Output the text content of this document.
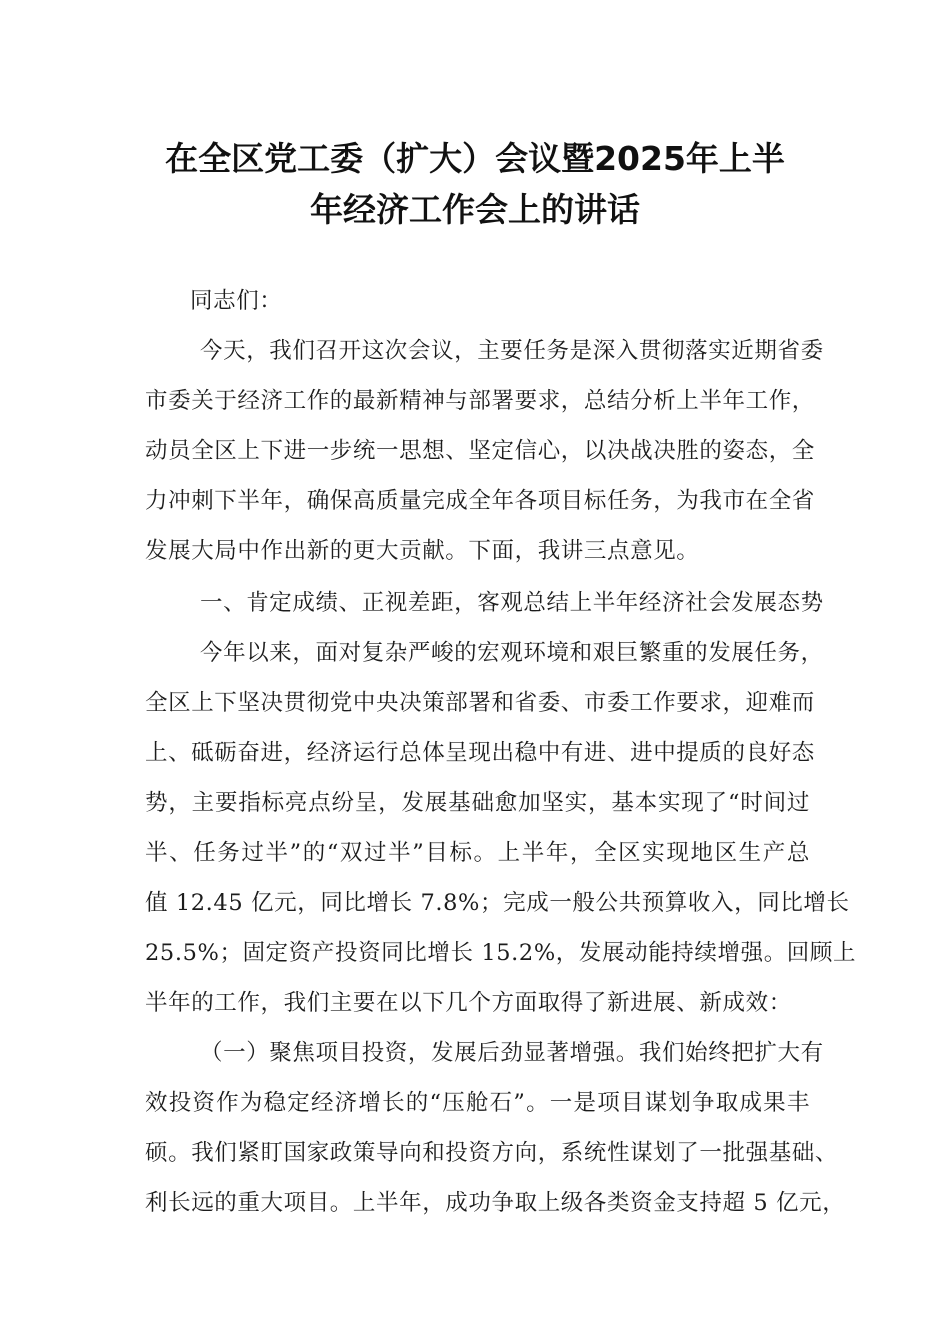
在全区党工委（扩大）会议暨2025年上半
年经济工作会上的讲话
同志们：
今天，我们召开这次会议，主要任务是深入贯彻落实近期省委
市委关于经济工作的最新精神与部署要求，总结分析上半年工作，
动员全区上下进一步统一思想、坚定信心，以决战决胜的姿态，全
力冲刺下半年，确保高质量完成全年各项目标任务，为我市在全省
发展大局中作出新的更大贡献。下面，我讲三点意见。
一、肯定成绩、正视差距，客观总结上半年经济社会发展态势
今年以来，面对复杂严峻的宏观环境和艰巨繁重的发展任务，
全区上下坚决贯彻党中央决策部署和省委、市委工作要求，迎难而
上、砥砺奋进，经济运行总体呈现出稳中有进、进中提质的良好态
势，主要指标亮点纷呈，发展基础愈加坚实，基本实现了“时间过
半、任务过半”的“双过半”目标。上半年，全区实现地区生产总
值 12.45 亿元，同比增长 7.8%；完成一般公共预算收入，同比增长
25.5%；固定资产投资同比增长 15.2%，发展动能持续增强。回顾上
半年的工作，我们主要在以下几个方面取得了新进展、新成效：
（一）聚焦项目投资，发展后劲显著增强。我们始终把扩大有
效投资作为稳定经济增长的“压舱石”。一是项目谋划争取成果丰
硕。我们紧盯国家政策导向和投资方向，系统性谋划了一批强基础、
利长远的重大项目。上半年，成功争取上级各类资金支持超 5 亿元，
